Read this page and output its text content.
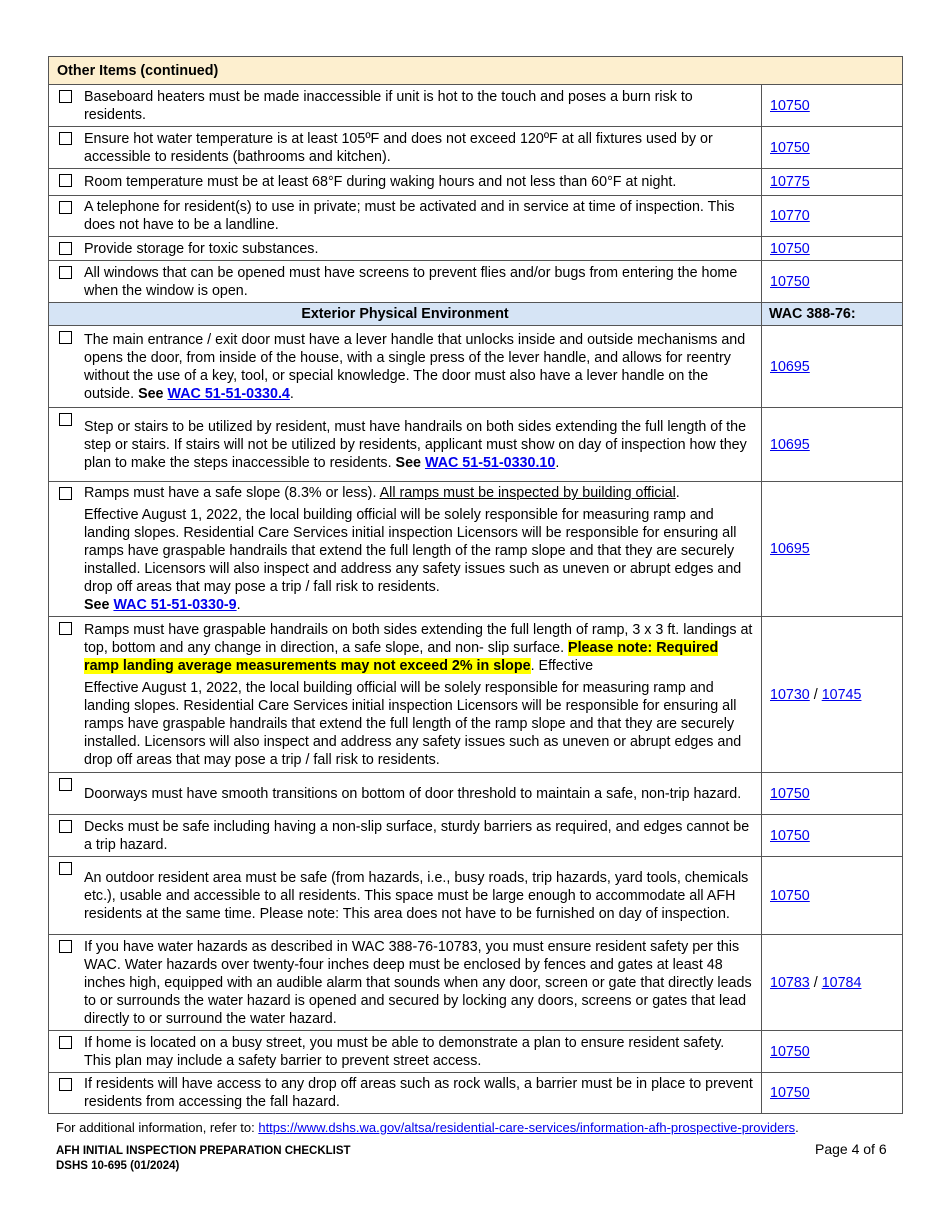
Other Items (continued)	

Baseboard heaters must be made inaccessible if unit is hot to the touch and poses a burn risk to residents.	10750

Ensure hot water temperature is at least 105ºF and does not exceed 120ºF at all fixtures used by or accessible to residents (bathrooms and kitchen).	10750

Room temperature must be at least 68°F during waking hours and not less than 60°F at night.	10775

A telephone for resident(s) to use in private; must be activated and in service at time of inspection. This does not have to be a landline.	10770

Provide storage for toxic substances.	10750

All windows that can be opened must have screens to prevent flies and/or bugs from entering the home when the window is open.	10750
Exterior Physical Environment	WAC 388-76:

The main entrance / exit door must have a lever handle that unlocks inside and outside mechanisms and opens the door, from inside of the house, with a single press of the lever handle, and allows for reentry without the use of a key, tool, or special knowledge. The door must also have a lever handle on the outside. See WAC 51-51-0330.4.	10695

Step or stairs to be utilized by resident, must have handrails on both sides extending the full length of the step or stairs. If stairs will not be utilized by residents, applicant must show on day of inspection how they plan to make the steps inaccessible to residents. See WAC 51-51-0330.10.	10695

Ramps must have a safe slope (8.3% or less). All ramps must be inspected by building official.
Effective August 1, 2022, the local building official will be solely responsible for measuring ramp and landing slopes. Residential Care Services initial inspection Licensors will be responsible for ensuring all ramps have graspable handrails that extend the full length of the ramp slope and that they are securely installed. Licensors will also inspect and address any safety issues such as uneven or abrupt edges and drop off areas that may pose a trip / fall risk to residents.
See WAC 51-51-0330-9.	10695

Ramps must have graspable handrails on both sides extending the full length of ramp, 3 x 3 ft. landings at top, bottom and any change in direction, a safe slope, and non- slip surface. Please note: Required ramp landing average measurements may not exceed 2% in slope. Effective
Effective August 1, 2022, the local building official will be solely responsible for measuring ramp and landing slopes. Residential Care Services initial inspection Licensors will be responsible for ensuring all ramps have graspable handrails that extend the full length of the ramp slope and that they are securely installed. Licensors will also inspect and address any safety issues such as uneven or abrupt edges and drop off areas that may pose a trip / fall risk to residents.	10730 / 10745

Doorways must have smooth transitions on bottom of door threshold to maintain a safe, non-trip hazard.	10750

Decks must be safe including having a non-slip surface, sturdy barriers as required, and edges cannot be a trip hazard.	10750

An outdoor resident area must be safe (from hazards, i.e., busy roads, trip hazards, yard tools, chemicals etc.), usable and accessible to all residents. This space must be large enough to accommodate all AFH residents at the same time. Please note: This area does not have to be furnished on day of inspection.	10750

If you have water hazards as described in WAC 388-76-10783, you must ensure resident safety per this WAC. Water hazards over twenty-four inches deep must be enclosed by fences and gates at least 48 inches high, equipped with an audible alarm that sounds when any door, screen or gate that directly leads to or surrounds the water hazard is opened and secured by locking any doors, screens or gates that lead directly to or surround the water hazard.	10783 / 10784

If home is located on a busy street, you must be able to demonstrate a plan to ensure resident safety. This plan may include a safety barrier to prevent street access.	10750

If residents will have access to any drop off areas such as rock walls, a barrier must be in place to prevent residents from accessing the fall hazard.	10750
For additional information, refer to: https://www.dshs.wa.gov/altsa/residential-care-services/information-afh-prospective-providers.
AFH INITIAL INSPECTION PREPARATION CHECKLIST
DSHS 10-695 (01/2024)
Page 4 of 6
